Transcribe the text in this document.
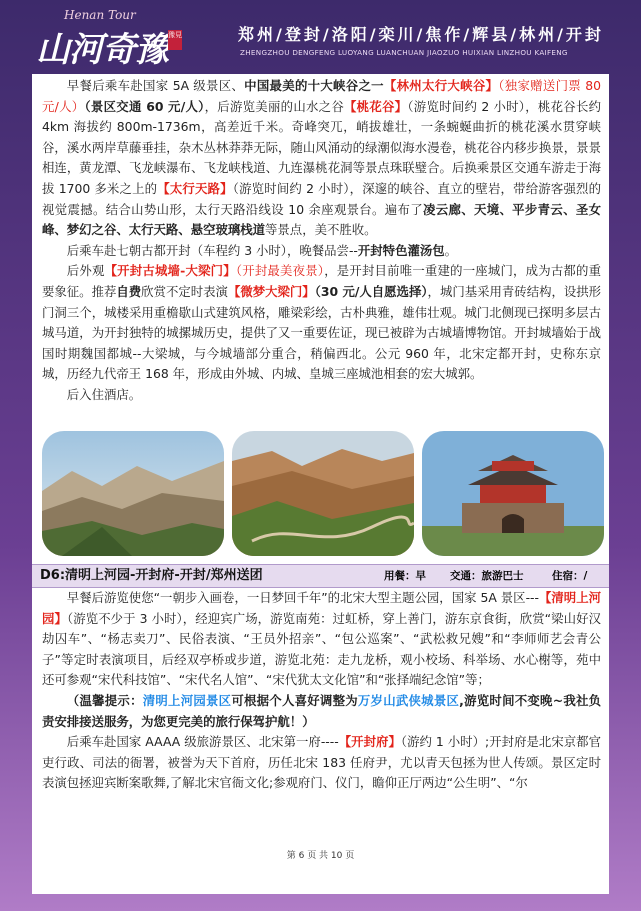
Henan Tour
山河奇豫 豫見	郑州/登封/洛阳/栾川/焦作/辉县/林州/开封
ZHENGZHOU DENGFENG LUOYANG LUANCHUAN JIAOZUO HUIXIAN LINZHOU KAIFENG

早餐后乘车赴国家 5A 级景区、中国最美的十大峡谷之一【林州太行大峡谷】（独家赠送门票 80 元/人）（景区交通 60 元/人），后游览美丽的山水之谷【桃花谷】（游览时间约 2 小时），桃花谷长约 4km 海拔约 800m-1736m，高差近千米。奇峰突兀，峭拔雄壮，一条蜿蜒曲折的桃花溪水贯穿峡谷，溪水两岸草藤垂挂，杂木丛林莽莽无际，随山风涌动的绿潮似海水漫卷，桃花谷内移步换景，景景相连，黄龙潭、飞龙峡瀑布、飞龙峡栈道、九连瀑桃花洞等景点珠联璧合。后换乘景区交通车游走于海拔 1700 多米之上的【太行天路】（游览时间约 2 小时），深邃的峡谷、直立的壁岩，带给游客强烈的视觉震撼。结合山势山形，太行天路沿线设 10 余座观景台。遍布了凌云廊、天境、平步青云、圣女峰、梦幻之谷、太行天路、悬空玻璃栈道等景点，美不胜收。

后乘车赴七朝古都开封（车程约 3 小时），晚餐品尝--开封特色灌汤包。

后外观【开封古城墙-大梁门】（开封最美夜景），是开封目前唯一重建的一座城门，成为古都的重要象征。推荐自费欣赏不定时表演【微梦大梁门】（30 元/人自愿选择），城门基采用青砖结构，设拱形门洞三个，城楼采用重檐歇山式建筑风格，雕梁彩绘，古朴典雅，雄伟壮观。城门北侧现已探明多层古城马道，为开封独特的城摞城历史，提供了又一重要佐证，现已被辟为古城墙博物馆。开封城墙始于战国时期魏国都城--大梁城，与今城墙部分重合，稍偏西北。公元 960 年，北宋定都开封，史称东京城，历经九代帝王 168 年，形成由外城、内城、皇城三座城池相套的宏大城郭。

后入住酒店。

D6:清明上河园-开封府-开封/郑州送团	用餐：早 交通：旅游巴士	住宿：/

早餐后游览使您“一朝步入画卷，一日梦回千年”的北宋大型主题公园，国家 5A 景区---【清明上河园】（游览不少于 3 小时），经迎宾广场，游览南苑：过虹桥，穿上善门，游东京食街，欣赏“梁山好汉劫囚车”、“杨志卖刀”、民俗表演、“王员外招亲”、“包公巡案”、“武松救兄嫂”和“李师师艺会青公子”等定时表演项目，后经双亭桥或步道，游览北苑：走九龙桥，观小校场、科举场、水心榭等，苑中还可参观“宋代科技馆”、“宋代名人馆”、“宋代犹太文化馆”和“张择端纪念馆”等；

（温馨提示：清明上河园景区可根据个人喜好调整为万岁山武侠城景区,游览时间不变晚~我社负责安排接送服务，为您更完美的旅行保驾护航！）

后乘车赴国家 AAAA 级旅游景区、北宋第一府----【开封府】（游约 1 小时）;开封府是北宋京都官吏行政、司法的衙署，被誉为天下首府，历任北宋 183 任府尹，尤以青天包拯为世人传颂。景区定时表演包拯迎宾断案歌舞,了解北宋官衙文化;参观府门、仪门，瞻仰正厅两边“公生明”、“尔

第 6 页 共 10 页
